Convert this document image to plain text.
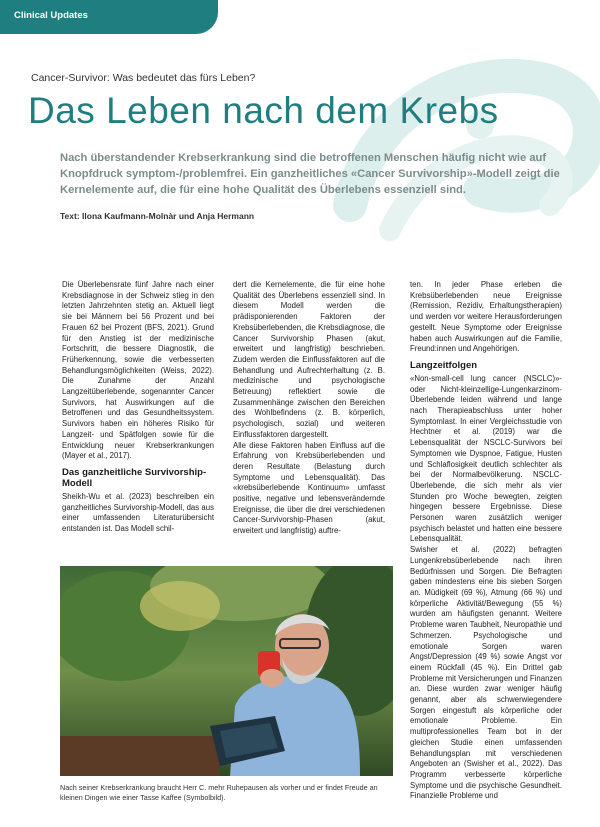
Clinical Updates
Cancer-Survivor: Was bedeutet das fürs Leben?
Das Leben nach dem Krebs

Nach überstandender Krebserkrankung sind die betroffenen Menschen häufig nicht wie auf Knopfdruck symptom-/problemfrei. Ein ganzheitliches «Cancer Survivorship»-Modell zeigt die Kernelemente auf, die für eine hohe Qualität des Überlebens essenziell sind.

Text: Ilona Kaufmann-Molnàr und Anja Hermann

Die Überlebensrate fünf Jahre nach einer Krebsdiagnose in der Schweiz stieg in den letzten Jahrzehnten stetig an. Aktuell liegt sie bei Männern bei 56 Prozent und bei Frauen 62 bei Prozent (BFS, 2021). Grund für den Anstieg ist der medizinische Fortschritt, die bessere Diagnostik, die Früherkennung, sowie die verbesserten Behandlungsmöglichkeiten (Weiss, 2022). Die Zunahme der Anzahl Langzeitüberlebende, sogenannter Cancer Survivors, hat Auswirkungen auf die Betroffenen und das Gesundheitssystem. Survivors haben ein höheres Risiko für Langzeit- und Spätfolgen sowie für die Entwicklung neuer Krebserkrankungen (Mayer et al., 2017).

Das ganzheitliche Survivorship-Modell

Sheikh-Wu et al. (2023) beschreiben ein ganzheitliches Survivorship-Modell, das aus einer umfassenden Literaturübersicht entstanden ist. Das Modell schil-

dert die Kernelemente, die für eine hohe Qualität des Überlebens essenziell sind. In diesem Modell werden die prädisponierenden Faktoren der Krebsüberlebenden, die Krebsdiagnose, die Cancer Survivorship Phasen (akut, erweitert und langfristig) beschrieben. Zudem werden die Einflussfaktoren auf die Behandlung und Aufrechterhaltung (z. B. medizinische und psychologische Betreuung) reflektiert sowie die Zusammenhänge zwischen den Bereichen des Wohlbefindens (z. B. körperlich, psychologisch, sozial) und weiteren Einflussfaktoren dargestellt.

Alle diese Faktoren haben Einfluss auf die Erfahrung von Krebsüberlebenden und deren Resultate (Belastung durch Symptome und Lebensqualität). Das «krebsüberlebende Kontinuum» umfasst positive, negative und lebensverändernde Ereignisse, die über die drei verschiedenen Cancer-Survivorship-Phasen (akut, erweitert und langfristig) auftre-

ten. In jeder Phase erleben die Krebsüberlebenden neue Ereignisse (Remission, Rezidiv, Erhaltungstherapien) und werden vor weitere Herausforderungen gestellt. Neue Symptome oder Ereignisse haben auch Auswirkungen auf die Familie, Freund:innen und Angehörigen.

Langzeitfolgen

«Non-small-cell lung cancer (NSCLC)»-oder Nicht-kleinzellige-Lungenkarzinom-Überlebende leiden während und lange nach Therapieabschluss unter hoher Symptomlast. In einer Vergleichsstudie von Hechtner et al. (2019) war die Lebensqualität der NSCLC-Survivors bei Symptomen wie Dyspnoe, Fatigue, Husten und Schlaflosigkeit deutlich schlechter als bei der Normalbevölkerung. NSCLC-Überlebende, die sich mehr als vier Stunden pro Woche bewegten, zeigten hingegen bessere Ergebnisse. Diese Personen waren zusätzlich weniger psychisch belastet und hatten eine bessere Lebensqualität.

Swisher et al. (2022) befragten Lungenkrebsüberlebende nach ihren Bedürfnissen und Sorgen. Die Befragten gaben mindestens eine bis sieben Sorgen an. Müdigkeit (69 %), Atmung (66 %) und körperliche Aktivität/Bewegung (55 %) wurden am häufigsten genannt. Weitere Probleme waren Taubheit, Neuropathie und Schmerzen. Psychologische und emotionale Sorgen waren Angst/Depression (49 %) sowie Angst vor einem Rückfall (45 %). Ein Drittel gab Probleme mit Versicherungen und Finanzen an. Diese wurden zwar weniger häufig genannt, aber als schwerwiegendere Sorgen eingestuft als körperliche oder emotionale Probleme. Ein multiprofessionelles Team bot in der gleichen Studie einen umfassenden Behandlungsplan mit verschiedenen Angeboten an (Swisher et al., 2022). Das Programm verbesserte körperliche Symptome und die psychische Gesundheit. Finanzielle Probleme und

Nach seiner Krebserkrankung braucht Herr C. mehr Ruhepausen als vorher und er findet Freude an kleinen Dingen wie einer Tasse Kaffee (Symbolbild).
